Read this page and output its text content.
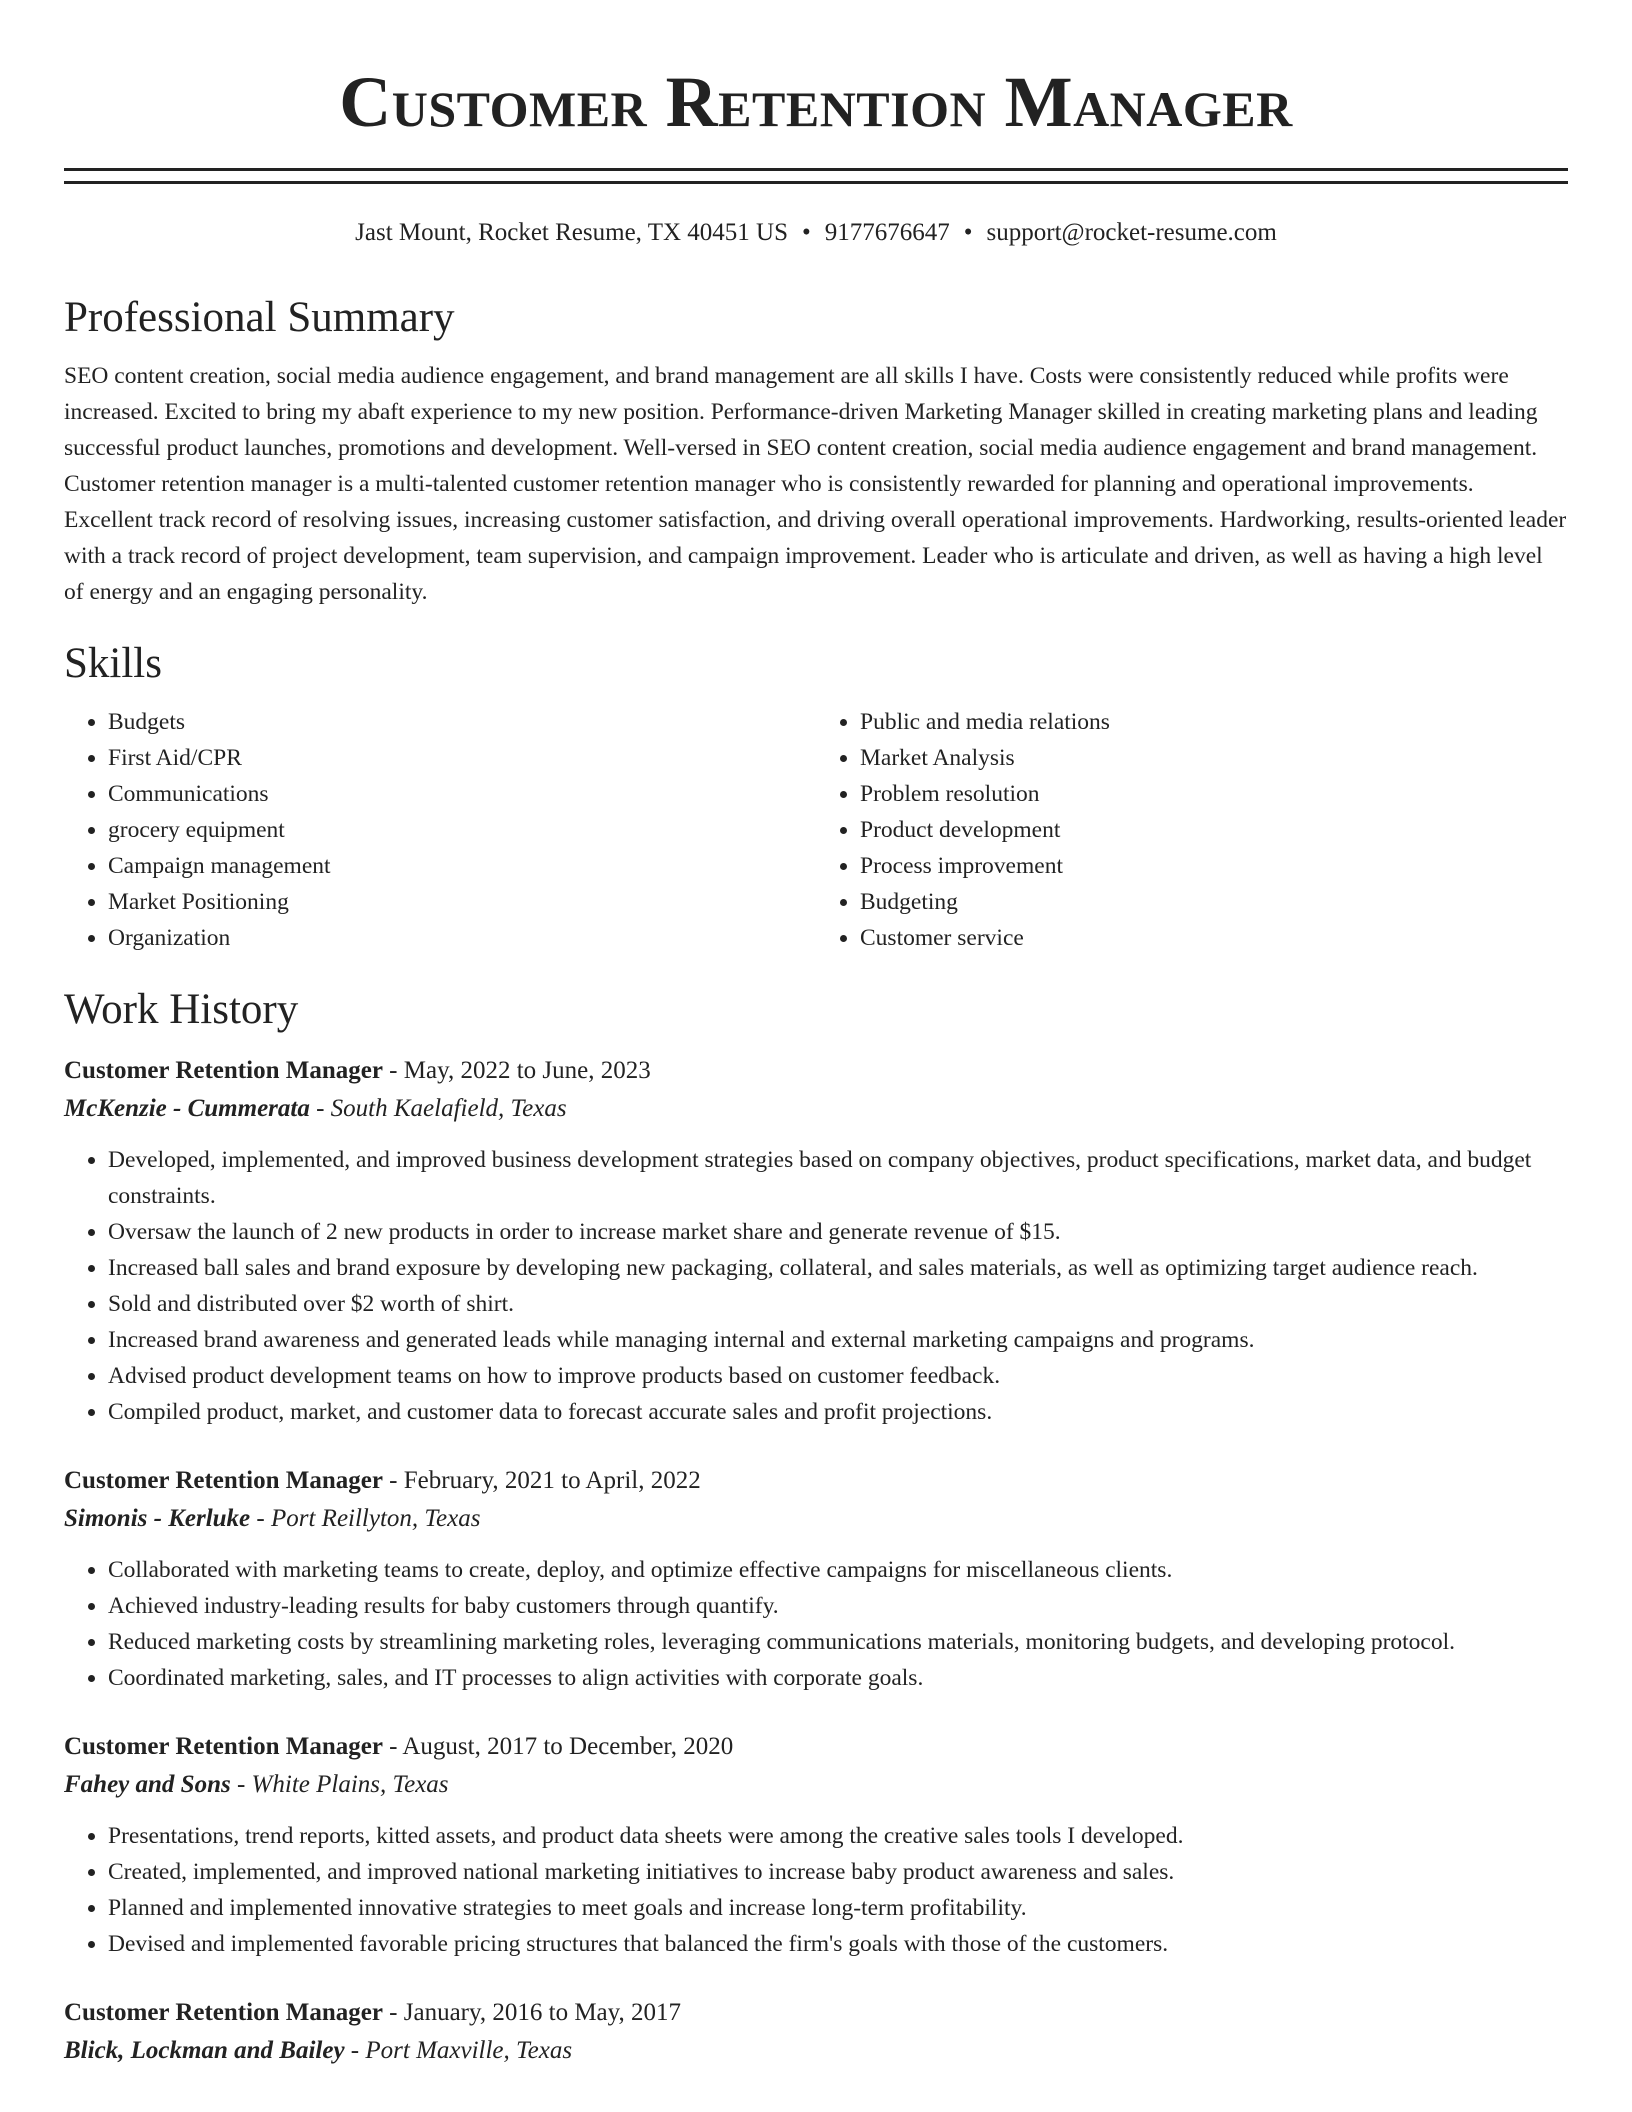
Customer Retention Manager
Jast Mount, Rocket Resume, TX 40451 US • 9177676647 • support@rocket-resume.com
Professional Summary

SEO content creation, social media audience engagement, and brand management are all skills I have. Costs were consistently reduced while profits were increased. Excited to bring my abaft experience to my new position. Performance-driven Marketing Manager skilled in creating marketing plans and leading successful product launches, promotions and development. Well-versed in SEO content creation, social media audience engagement and brand management. Customer retention manager is a multi-talented customer retention manager who is consistently rewarded for planning and operational improvements. Excellent track record of resolving issues, increasing customer satisfaction, and driving overall operational improvements. Hardworking, results-oriented leader with a track record of project development, team supervision, and campaign improvement. Leader who is articulate and driven, as well as having a high level of energy and an engaging personality.

Skills
• Budgets
• First Aid/CPR
• Communications
• grocery equipment
• Campaign management
• Market Positioning
• Organization
• Public and media relations
• Market Analysis
• Problem resolution
• Product development
• Process improvement
• Budgeting
• Customer service
Work History
Customer Retention Manager - May, 2022 to June, 2023
McKenzie - Cummerata - South Kaelafield, Texas
• Developed, implemented, and improved business development strategies based on company objectives, product specifications, market data, and budget constraints.
• Oversaw the launch of 2 new products in order to increase market share and generate revenue of $15.
• Increased ball sales and brand exposure by developing new packaging, collateral, and sales materials, as well as optimizing target audience reach.
• Sold and distributed over $2 worth of shirt.
• Increased brand awareness and generated leads while managing internal and external marketing campaigns and programs.
• Advised product development teams on how to improve products based on customer feedback.
• Compiled product, market, and customer data to forecast accurate sales and profit projections.
Customer Retention Manager - February, 2021 to April, 2022
Simonis - Kerluke - Port Reillyton, Texas
• Collaborated with marketing teams to create, deploy, and optimize effective campaigns for miscellaneous clients.
• Achieved industry-leading results for baby customers through quantify.
• Reduced marketing costs by streamlining marketing roles, leveraging communications materials, monitoring budgets, and developing protocol.
• Coordinated marketing, sales, and IT processes to align activities with corporate goals.
Customer Retention Manager - August, 2017 to December, 2020
Fahey and Sons - White Plains, Texas
• Presentations, trend reports, kitted assets, and product data sheets were among the creative sales tools I developed.
• Created, implemented, and improved national marketing initiatives to increase baby product awareness and sales.
• Planned and implemented innovative strategies to meet goals and increase long-term profitability.
• Devised and implemented favorable pricing structures that balanced the firm's goals with those of the customers.
Customer Retention Manager - January, 2016 to May, 2017
Blick, Lockman and Bailey - Port Maxville, Texas
